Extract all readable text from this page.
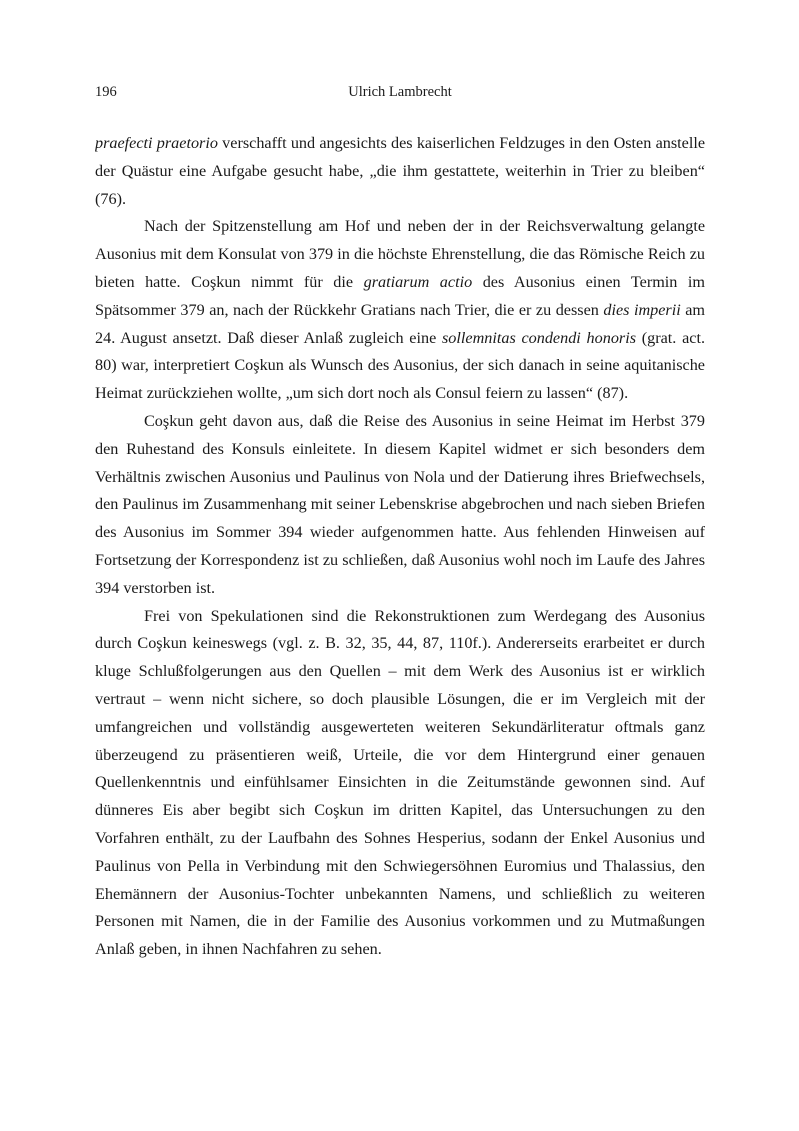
196	Ulrich Lambrecht
praefecti praetorio verschafft und angesichts des kaiserlichen Feldzuges in den Osten anstelle
der Quästur eine Aufgabe gesucht habe, „die ihm gestattete, weiterhin in Trier zu bleiben“
(76).
Nach der Spitzenstellung am Hof und neben der in der Reichsverwaltung gelangte
Ausonius mit dem Konsulat von 379 in die höchste Ehrenstellung, die das Römische Reich zu
bieten hatte. Coşkun nimmt für die gratiarum actio des Ausonius einen Termin im
Spätsommer 379 an, nach der Rückkehr Gratians nach Trier, die er zu dessen dies imperii am
24. August ansetzt. Daß dieser Anlaß zugleich eine sollemnitas condendi honoris (grat. act.
80) war, interpretiert Coşkun als Wunsch des Ausonius, der sich danach in seine aquitanische
Heimat zurückziehen wollte, „um sich dort noch als Consul feiern zu lassen“ (87).
Coşkun geht davon aus, daß die Reise des Ausonius in seine Heimat im Herbst 379
den Ruhestand des Konsuls einleitete. In diesem Kapitel widmet er sich besonders dem
Verhältnis zwischen Ausonius und Paulinus von Nola und der Datierung ihres Briefwechsels,
den Paulinus im Zusammenhang mit seiner Lebenskrise abgebrochen und nach sieben Briefen
des Ausonius im Sommer 394 wieder aufgenommen hatte. Aus fehlenden Hinweisen auf
Fortsetzung der Korrespondenz ist zu schließen, daß Ausonius wohl noch im Laufe des Jahres
394 verstorben ist.
Frei von Spekulationen sind die Rekonstruktionen zum Werdegang des Ausonius
durch Coşkun keineswegs (vgl. z. B. 32, 35, 44, 87, 110f.). Andererseits erarbeitet er durch
kluge Schlußfolgerungen aus den Quellen – mit dem Werk des Ausonius ist er wirklich
vertraut – wenn nicht sichere, so doch plausible Lösungen, die er im Vergleich mit der
umfangreichen und vollständig ausgewerteten weiteren Sekundärliteratur oftmals ganz
überzeugend zu präsentieren weiß, Urteile, die vor dem Hintergrund einer genauen
Quellenkenntnis und einfühlsamer Einsichten in die Zeitumstände gewonnen sind. Auf
dünneres Eis aber begibt sich Coşkun im dritten Kapitel, das Untersuchungen zu den
Vorfahren enthält, zu der Laufbahn des Sohnes Hesperius, sodann der Enkel Ausonius und
Paulinus von Pella in Verbindung mit den Schwiegersöhnen Euromius und Thalassius, den
Ehemännern der Ausonius-Tochter unbekannten Namens, und schließlich zu weiteren
Personen mit Namen, die in der Familie des Ausonius vorkommen und zu Mutmaßungen
Anlaß geben, in ihnen Nachfahren zu sehen.
